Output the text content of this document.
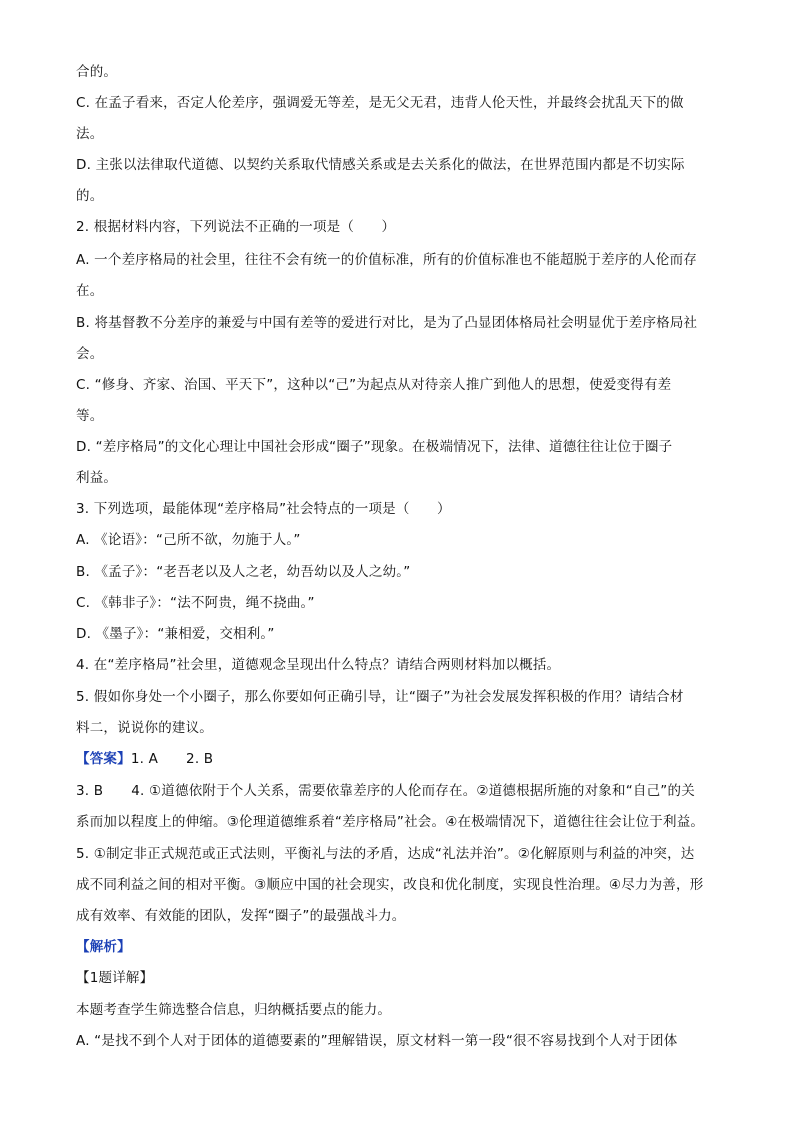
合的。
C. 在孟子看来，否定人伦差序，强调爱无等差，是无父无君，违背人伦天性，并最终会扰乱天下的做
法。
D. 主张以法律取代道德、以契约关系取代情感关系或是去关系化的做法，在世界范围内都是不切实际
的。
2. 根据材料内容，下列说法不正确的一项是（　　）
A. 一个差序格局的社会里，往往不会有统一的价值标准，所有的价值标准也不能超脱于差序的人伦而存
在。
B. 将基督教不分差序的兼爱与中国有差等的爱进行对比，是为了凸显团体格局社会明显优于差序格局社
会。
C. “修身、齐家、治国、平天下”，这种以“己”为起点从对待亲人推广到他人的思想，使爱变得有差
等。
D. “差序格局”的文化心理让中国社会形成“圈子”现象。在极端情况下，法律、道德往往让位于圈子
利益。
3. 下列选项，最能体现“差序格局”社会特点的一项是（　　）
A. 《论语》：“己所不欲，勿施于人。”
B. 《孟子》：“老吾老以及人之老，幼吾幼以及人之幼。”
C. 《韩非子》：“法不阿贵，绳不挠曲。”
D. 《墨子》：“兼相爱，交相利。”
4. 在“差序格局”社会里，道德观念呈现出什么特点？请结合两则材料加以概括。
5. 假如你身处一个小圈子，那么你要如何正确引导，让“圈子”为社会发展发挥积极的作用？请结合材
料二，说说你的建议。
【答案】1. A 2. B
3. B 4. ①道德依附于个人关系，需要依靠差序的人伦而存在。②道德根据所施的对象和“自己”的关
系而加以程度上的伸缩。③伦理道德维系着“差序格局”社会。④在极端情况下，道德往往会让位于利益。
5. ①制定非正式规范或正式法则，平衡礼与法的矛盾，达成“礼法并治”。②化解原则与利益的冲突，达
成不同利益之间的相对平衡。③顺应中国的社会现实，改良和优化制度，实现良性治理。④尽力为善，形
成有效率、有效能的团队，发挥“圈子”的最强战斗力。
【解析】
【1题详解】
本题考查学生筛选整合信息，归纳概括要点的能力。
A. “是找不到个人对于团体的道德要素的”理解错误，原文材料一第一段“很不容易找到个人对于团体
